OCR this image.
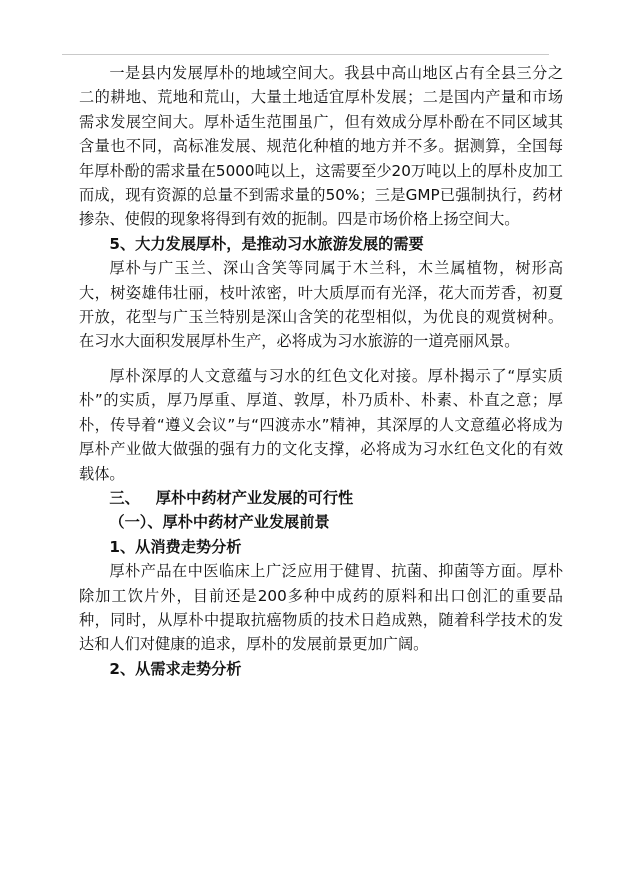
一是县内发展厚朴的地域空间大。我县中高山地区占有全县三分之二的耕地、荒地和荒山，大量土地适宜厚朴发展；二是国内产量和市场需求发展空间大。厚朴适生范围虽广，但有效成分厚朴酚在不同区域其含量也不同，高标准发展、规范化种植的地方并不多。据测算，全国每年厚朴酚的需求量在5000吨以上，这需要至少20万吨以上的厚朴皮加工而成，现有资源的总量不到需求量的50%；三是GMP已强制执行，药材掺杂、使假的现象将得到有效的扼制。四是市场价格上扬空间大。

5、大力发展厚朴，是推动习水旅游发展的需要

厚朴与广玉兰、深山含笑等同属于木兰科，木兰属植物，树形高大，树姿雄伟壮丽，枝叶浓密，叶大质厚而有光泽，花大而芳香，初夏开放，花型与广玉兰特别是深山含笑的花型相似，为优良的观赏树种。在习水大面积发展厚朴生产，必将成为习水旅游的一道亮丽风景。

厚朴深厚的人文意蕴与习水的红色文化对接。厚朴揭示了“厚实质朴”的实质，厚乃厚重、厚道、敦厚，朴乃质朴、朴素、朴直之意；厚朴，传导着“遵义会议”与“四渡赤水”精神，其深厚的人文意蕴必将成为厚朴产业做大做强的强有力的文化支撑，必将成为习水红色文化的有效载体。

三、 厚朴中药材产业发展的可行性

（一）、厚朴中药材产业发展前景

1、从消费走势分析

厚朴产品在中医临床上广泛应用于健胃、抗菌、抑菌等方面。厚朴除加工饮片外，目前还是200多种中成药的原料和出口创汇的重要品种，同时，从厚朴中提取抗癌物质的技术日趋成熟，随着科学技术的发达和人们对健康的追求，厚朴的发展前景更加广阔。

2、从需求走势分析
